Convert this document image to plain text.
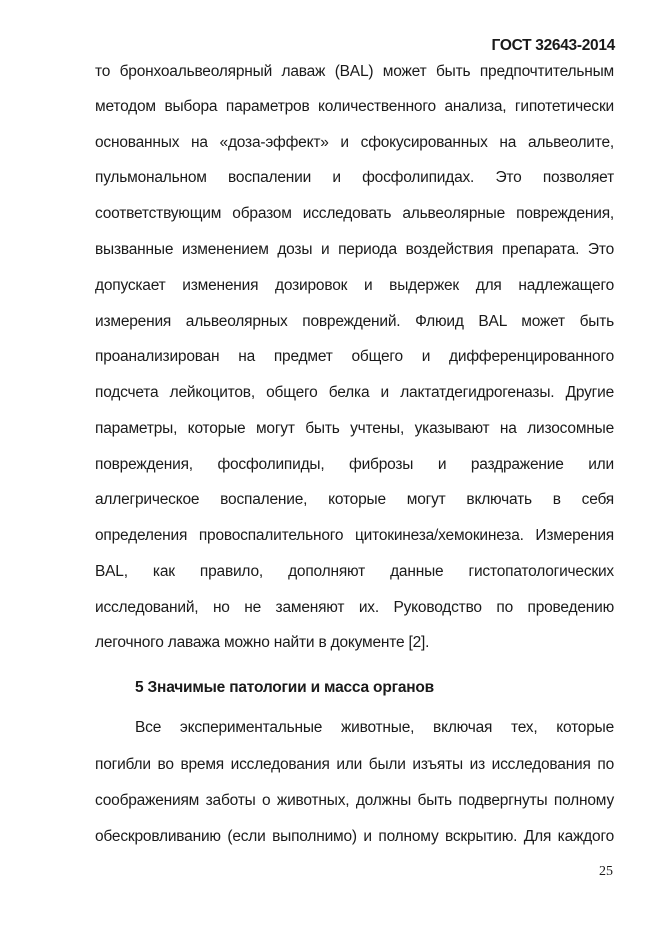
ГОСТ 32643-2014
то бронхоальвеолярный лаваж (BAL) может быть предпочтительным
методом выбора параметров количественного анализа, гипотетически
основанных на «доза-эффект» и сфокусированных на альвеолите,
пульмональном воспалении и фосфолипидах. Это позволяет
соответствующим образом исследовать альвеолярные повреждения,
вызванные изменением дозы и периода воздействия препарата. Это
допускает изменения дозировок и выдержек для надлежащего
измерения альвеолярных повреждений. Флюид BAL может быть
проанализирован на предмет общего и дифференцированного
подсчета лейкоцитов, общего белка и лактатдегидрогеназы. Другие
параметры, которые могут быть учтены, указывают на лизосомные
повреждения, фосфолипиды, фиброзы и раздражение или
аллегрическое воспаление, которые могут включать в себя
определения провоспалительного цитокинеза/хемокинеза. Измерения
BAL, как правило, дополняют данные гистопатологических
исследований, но не заменяют их. Руководство по проведению
легочного лаважа можно найти в документе [2].
5 Значимые патологии и масса органов
Все экспериментальные животные, включая тех, которые
погибли во время исследования или были изъяты из исследования по
соображениям заботы о животных, должны быть подвергнуты полному
обескровливанию (если выполнимо) и полному вскрытию. Для каждого
25
